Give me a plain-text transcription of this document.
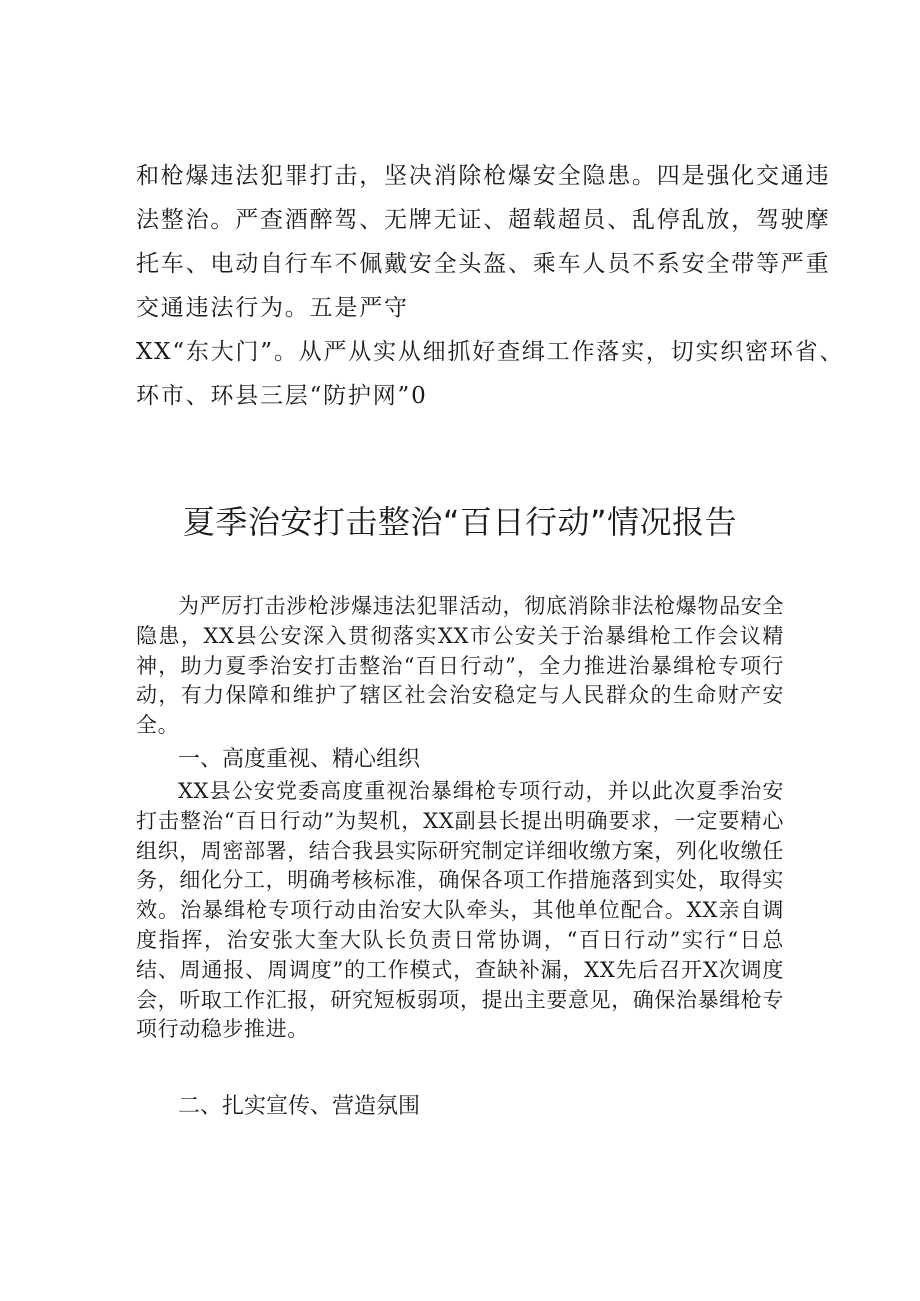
和枪爆违法犯罪打击，坚决消除枪爆安全隐患。四是强化交通违
法整治。严查酒醉驾、无牌无证、超载超员、乱停乱放，驾驶摩
托车、电动自行车不佩戴安全头盔、乘车人员不系安全带等严重
交通违法行为。五是严守
XX“东大门”。从严从实从细抓好查缉工作落实，切实织密环省、
环市、环县三层“防护网”0
夏季治安打击整治“百日行动”情况报告

为严厉打击涉枪涉爆违法犯罪活动，彻底消除非法枪爆物品安全隐患，XX县公安深入贯彻落实XX市公安关于治暴缉枪工作会议精神，助力夏季治安打击整治“百日行动”，全力推进治暴缉枪专项行动，有力保障和维护了辖区社会治安稳定与人民群众的生命财产安全。

一、高度重视、精心组织

XX县公安党委高度重视治暴缉枪专项行动，并以此次夏季治安打击整治“百日行动”为契机，XX副县长提出明确要求，一定要精心组织，周密部署，结合我县实际研究制定详细收缴方案，列化收缴任务，细化分工，明确考核标准，确保各项工作措施落到实处，取得实效。治暴缉枪专项行动由治安大队牵头，其他单位配合。XX亲自调度指挥，治安张大奎大队长负责日常协调，“百日行动”实行“日总结、周通报、周调度”的工作模式，查缺补漏，XX先后召开X次调度会，听取工作汇报，研究短板弱项，提出主要意见，确保治暴缉枪专项行动稳步推进。

二、扎实宣传、营造氛围
